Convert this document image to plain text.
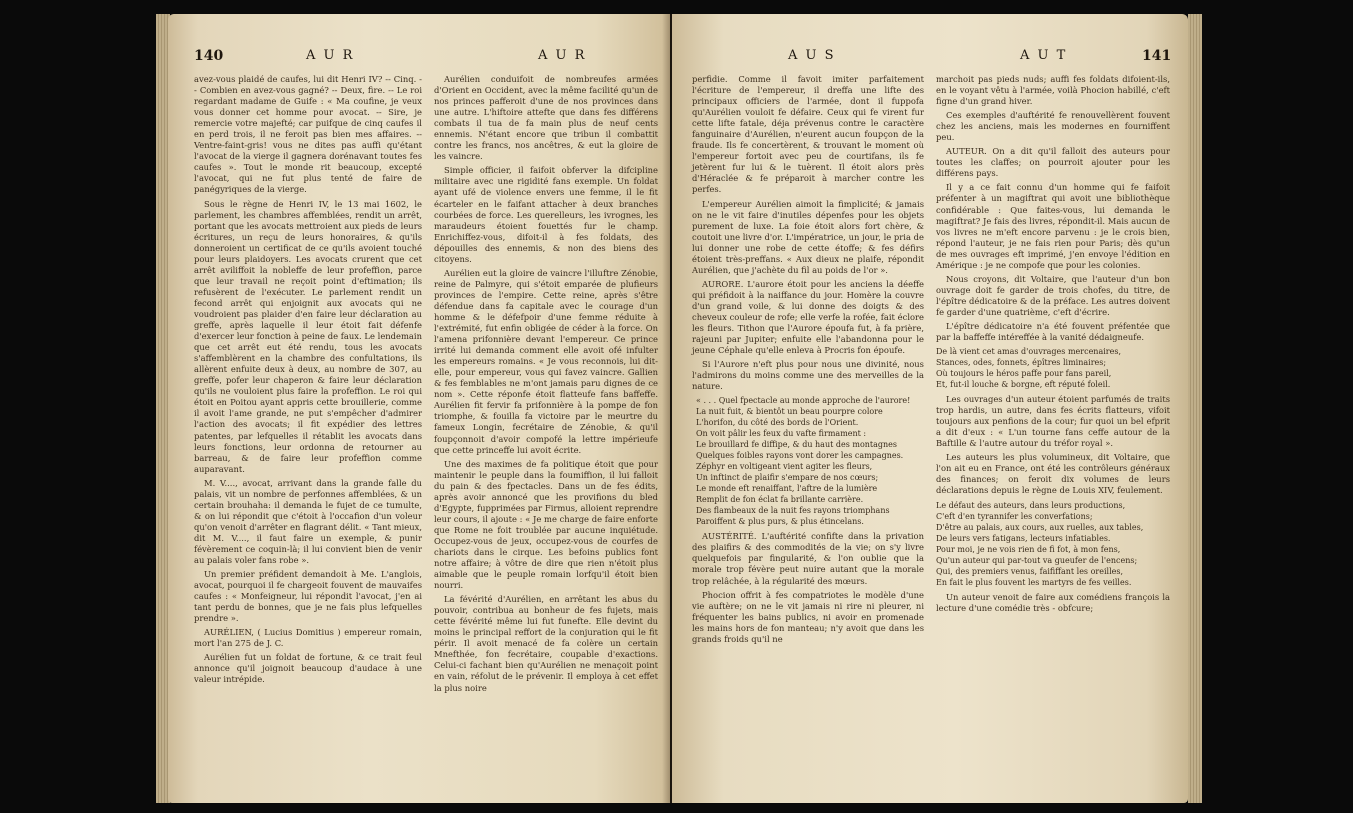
140	A U R	A U R

avez-vous plaidé de caufes, lui dit Henri IV? -- Cinq. -- Combien en avez-vous gagné? -- Deux, fire. -- Le roi regardant madame de Guife : « Ma coufine, je veux vous donner cet homme pour avocat. -- Sire, je remercie votre majefté; car puifque de cinq caufes il en perd trois, il ne feroit pas bien mes affaires. -- Ventre-faint-gris! vous ne dites pas auffi qu'étant l'avocat de la vierge il gagnera dorénavant toutes fes caufes ». Tout le monde rit beaucoup, excepté l'avocat, qui ne fut plus tenté de faire de panégyriques de la vierge.

Sous le règne de Henri IV, le 13 mai 1602, le parlement, les chambres affemblées, rendit un arrêt, portant que les avocats mettroient aux pieds de leurs écritures, un reçu de leurs honoraires, & qu'ils donneroient un certificat de ce qu'ils avoient touché pour leurs plaidoyers. Les avocats crurent que cet arrêt aviliffoit la nobleffe de leur profeffion, parce que leur travail ne reçoit point d'eftimation; ils refusèrent de l'exécuter. Le parlement rendit un fecond arrêt qui enjoignit aux avocats qui ne voudroient pas plaider d'en faire leur déclaration au greffe, après laquelle il leur étoit fait défenfe d'exercer leur fonction à peine de faux. Le lendemain que cet arrêt eut été rendu, tous les avocats s'affemblèrent en la chambre des confultations, ils allèrent enfuite deux à deux, au nombre de 307, au greffe, pofer leur chaperon & faire leur déclaration qu'ils ne vouloient plus faire la profeffion. Le roi qui étoit en Poitou ayant appris cette brouillerie, comme il avoit l'ame grande, ne put s'empêcher d'admirer l'action des avocats; il fit expédier des lettres patentes, par lefquelles il rétablit les avocats dans leurs fonctions, leur ordonna de retourner au barreau, & de faire leur profeffion comme auparavant.

M. V...., avocat, arrivant dans la grande falle du palais, vit un nombre de perfonnes affemblées, & un certain brouhaha: il demanda le fujet de ce tumulte, & on lui répondit que c'étoit à l'occafion d'un voleur qu'on venoit d'arrêter en flagrant délit. « Tant mieux, dit M. V...., il faut faire un exemple, & punir févèrement ce coquin-là; il lui convient bien de venir au palais voler fans robe ».

Un premier préfident demandoit à Me. L'anglois, avocat, pourquoi il fe chargeoit fouvent de mauvaifes caufes : « Monfeigneur, lui répondit l'avocat, j'en ai tant perdu de bonnes, que je ne fais plus lefquelles prendre ».

AURÉLIEN, ( Lucius Domitius ) empereur romain, mort l'an 275 de J. C.

Aurélien fut un foldat de fortune, & ce trait feul annonce qu'il joignoit beaucoup d'audace à une valeur intrépide.

Aurélien conduifoit de nombreufes armées d'Orient en Occident, avec la même facilité qu'un de nos princes pafferoit d'une de nos provinces dans une autre. L'hiftoire attefte que dans fes différens combats il tua de fa main plus de neuf cents ennemis. N'étant encore que tribun il combattit contre les francs, nos ancêtres, & eut la gloire de les vaincre.

Simple officier, il faifoit obferver la difcipline militaire avec une rigidité fans exemple. Un foldat ayant ufé de violence envers une femme, il le fit écarteler en le faifant attacher à deux branches courbées de force. Les querelleurs, les ivrognes, les maraudeurs étoient fouettés fur le champ. Enrichiffez-vous, difoit-il à fes foldats, des dépouilles des ennemis, & non des biens des citoyens.

Aurélien eut la gloire de vaincre l'illuftre Zénobie, reine de Palmyre, qui s'étoit emparée de plufieurs provinces de l'empire. Cette reine, après s'être défendue dans fa capitale avec le courage d'un homme & le défefpoir d'une femme réduite à l'extrémité, fut enfin obligée de céder à la force. On l'amena prifonnière devant l'empereur. Ce prince irrité lui demanda comment elle avoit ofé infulter les empereurs romains. « Je vous reconnois, lui dit-elle, pour empereur, vous qui favez vaincre. Gallien & fes femblables ne m'ont jamais paru dignes de ce nom ». Cette réponfe étoit flatteufe fans baffeffe. Aurélien fit fervir fa prifonnière à la pompe de fon triomphe, & fouilla fa victoire par le meurtre du fameux Longin, fecrétaire de Zénobie, & qu'il foupçonnoit d'avoir compofé la lettre impérieufe que cette princeffe lui avoit écrite.

Une des maximes de fa politique étoit que pour maintenir le peuple dans la foumiffion, il lui falloit du pain & des fpectacles. Dans un de fes édits, après avoir annoncé que les provifions du bled d'Egypte, fupprimées par Firmus, alloient reprendre leur cours, il ajoute : « Je me charge de faire enforte que Rome ne foit troublée par aucune inquiétude. Occupez-vous de jeux, occupez-vous de courfes de chariots dans le cirque. Les befoins publics font notre affaire; à vôtre de dire que rien n'étoit plus aimable que le peuple romain lorfqu'il étoit bien nourri.

La févérité d'Aurélien, en arrêtant les abus du pouvoir, contribua au bonheur de fes fujets, mais cette févérité même lui fut funefte. Elle devint du moins le principal reffort de la conjuration qui le fit périr. Il avoit menacé de fa colère un certain Mnefthée, fon fecrétaire, coupable d'exactions. Celui-ci fachant bien qu'Aurélien ne menaçoit point en vain, réfolut de le prévenir. Il employa à cet effet la plus noire

A U S	A U T	141

perfidie. Comme il favoit imiter parfaitement l'écriture de l'empereur, il dreffa une lifte des principaux officiers de l'armée, dont il fuppofa qu'Aurélien vouloit fe défaire. Ceux qui fe virent fur cette lifte fatale, déja prévenus contre le caractère fanguinaire d'Aurélien, n'eurent aucun foupçon de la fraude. Ils fe concertèrent, & trouvant le moment où l'empereur fortoit avec peu de courtifans, ils fe jetèrent fur lui & le tuèrent. Il étoit alors près d'Héraclée & fe préparoit à marcher contre les perfes.

L'empereur Aurélien aimoit la fimplicité; & jamais on ne le vit faire d'inutiles dépenfes pour les objets purement de luxe. La foie étoit alors fort chère, & coutoit une livre d'or. L'impératrice, un jour, le pria de lui donner une robe de cette étoffe; & fes défirs étoient très-preffans. « Aux dieux ne plaife, répondit Aurélien, que j'achète du fil au poids de l'or ».

AURORE. L'aurore étoit pour les anciens la déeffe qui préfidoit à la naiffance du jour. Homère la couvre d'un grand voile, & lui donne des doigts & des cheveux couleur de rofe; elle verfe la rofée, fait éclore les fleurs. Tithon que l'Aurore époufa fut, à fa prière, rajeuni par Jupiter; enfuite elle l'abandonna pour le jeune Céphale qu'elle enleva à Procris fon époufe.

Si l'Aurore n'eft plus pour nous une divinité, nous l'admirons du moins comme une des merveilles de la nature.

« . . . Quel fpectacle au monde approche de l'aurore!
La nuit fuit, & bientôt un beau pourpre colore
L'horifon, du côté des bords de l'Orient.
On voit pâlir les feux du vafte firmament :
Le brouillard fe diffipe, & du haut des montagnes
Quelques foibles rayons vont dorer les campagnes.
Zéphyr en voltigeant vient agiter les fleurs,
Un inftinct de plaifir s'empare de nos cœurs;
Le monde eft renaiffant, l'aftre de la lumière
Remplit de fon éclat fa brillante carrière.
Des flambeaux de la nuit fes rayons triomphans
Paroiffent & plus purs, & plus étincelans.

AUSTÉRITÉ. L'auftérité confifte dans la privation des plaifirs & des commodités de la vie; on s'y livre quelquefois par fingularité, & l'on oublie que la morale trop févère peut nuire autant que la morale trop relâchée, à la régularité des mœurs.

Phocion offrit à fes compatriotes le modèle d'une vie auftère; on ne le vit jamais ni rire ni pleurer, ni fréquenter les bains publics, ni avoir en promenade les mains hors de fon manteau; n'y avoit que dans les grands froids qu'il ne

marchoit pas pieds nuds; auffi fes foldats difoient-ils, en le voyant vêtu à l'armée, voilà Phocion habillé, c'eft figne d'un grand hiver.

Ces exemples d'auftérité fe renouvellèrent fouvent chez les anciens, mais les modernes en fourniffent peu.

AUTEUR. On a dit qu'il falloit des auteurs pour toutes les claffes; on pourroit ajouter pour les différens pays.

Il y a ce fait connu d'un homme qui fe faifoit préfenter à un magiftrat qui avoit une bibliothèque confidérable : Que faites-vous, lui demanda le magiftrat? Je fais des livres, répondit-il. Mais aucun de vos livres ne m'eft encore parvenu : je le crois bien, répond l'auteur, je ne fais rien pour Paris; dès qu'un de mes ouvrages eft imprimé, j'en envoye l'édition en Amérique : je ne compofe que pour les colonies.

Nous croyons, dit Voltaire, que l'auteur d'un bon ouvrage doit fe garder de trois chofes, du titre, de l'épître dédicatoire & de la préface. Les autres doivent fe garder d'une quatrième, c'eft d'écrire.

L'épître dédicatoire n'a été fouvent préfentée que par la baffeffe intéreffée à la vanité dédaigneufe.

De là vient cet amas d'ouvrages mercenaires,
Stances, odes, fonnets, épîtres liminaires;
Où toujours le héros paffe pour fans pareil,
Et, fut-il louche & borgne, eft réputé foleil.

Les ouvrages d'un auteur étoient parfumés de traits trop hardis, un autre, dans fes écrits flatteurs, vifoit toujours aux penfions de la cour; fur quoi un bel efprit a dit d'eux : « L'un tourne fans ceffe autour de la Baftille & l'autre autour du tréfor royal ».

Les auteurs les plus volumineux, dit Voltaire, que l'on ait eu en France, ont été les contrôleurs généraux des finances; on feroit dix volumes de leurs déclarations depuis le règne de Louis XIV, feulement.

Le défaut des auteurs, dans leurs productions,
C'eft d'en tyrannifer les converfations;
D'être au palais, aux cours, aux ruelles, aux tables,
De leurs vers fatigans, lecteurs infatiables.
Pour moi, je ne vois rien de fi fot, à mon fens,
Qu'un auteur qui par-tout va gueufer de l'encens;
Qui, des premiers venus, faififfant les oreilles,
En fait le plus fouvent les martyrs de fes veilles.

Un auteur venoit de faire aux comédiens françois la lecture d'une comédie très - obfcure;
